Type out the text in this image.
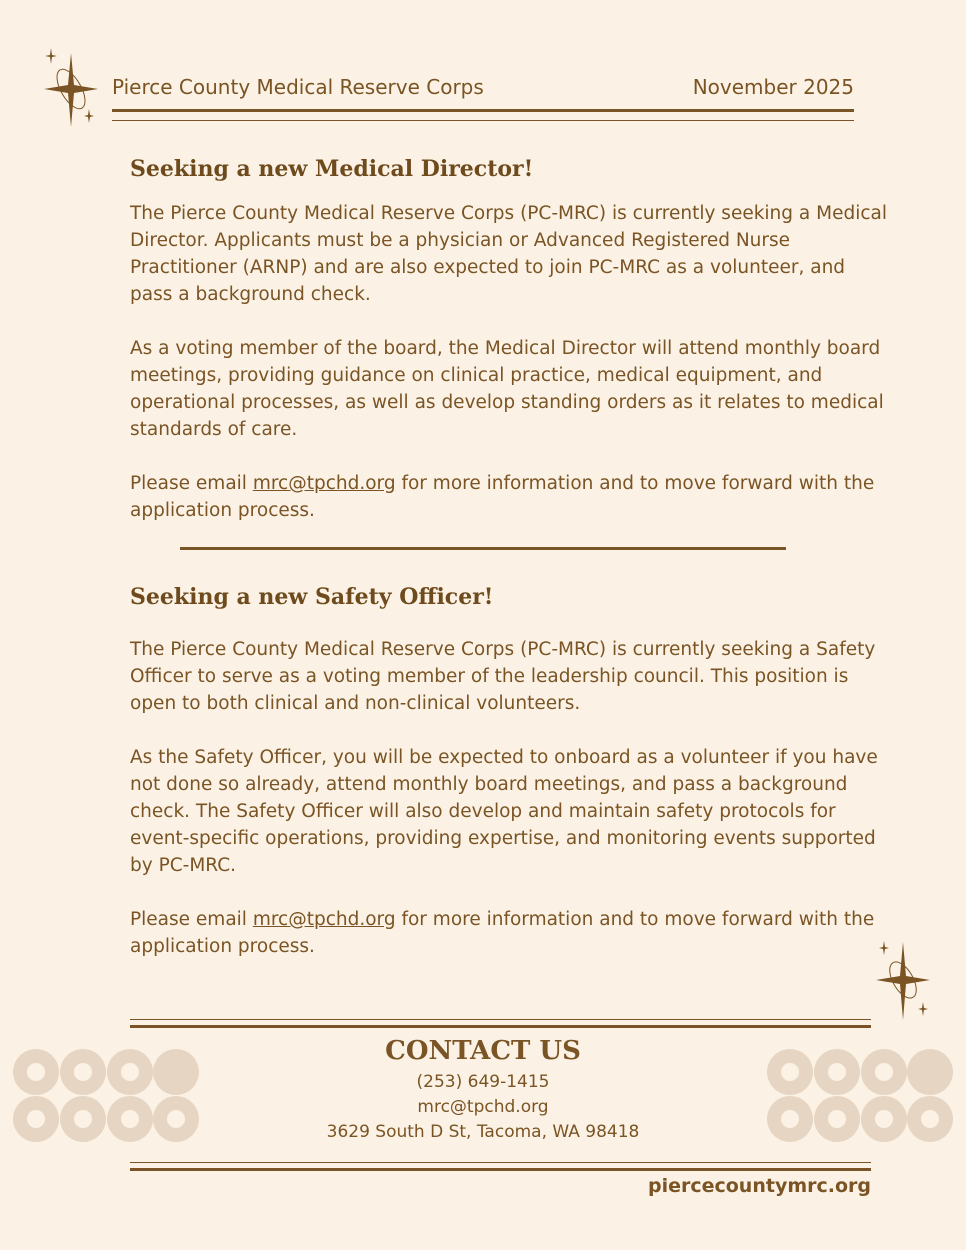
Pierce County Medical Reserve Corps	November 2025
Seeking a new Medical Director!

The Pierce County Medical Reserve Corps (PC-MRC) is currently seeking a Medical Director. Applicants must be a physician or Advanced Registered Nurse Practitioner (ARNP) and are also expected to join PC-MRC as a volunteer, and pass a background check.

As a voting member of the board, the Medical Director will attend monthly board meetings, providing guidance on clinical practice, medical equipment, and operational processes, as well as develop standing orders as it relates to medical standards of care.

Please email mrc@tpchd.org for more information and to move forward with the application process.

Seeking a new Safety Officer!

The Pierce County Medical Reserve Corps (PC-MRC) is currently seeking a Safety Officer to serve as a voting member of the leadership council. This position is open to both clinical and non-clinical volunteers.

As the Safety Officer, you will be expected to onboard as a volunteer if you have not done so already, attend monthly board meetings, and pass a background check. The Safety Officer will also develop and maintain safety protocols for event-specific operations, providing expertise, and monitoring events supported by PC-MRC.

Please email mrc@tpchd.org for more information and to move forward with the application process.

CONTACT US
(253) 649-1415
mrc@tpchd.org
3629 South D St, Tacoma, WA 98418
piercecountymrc.org
